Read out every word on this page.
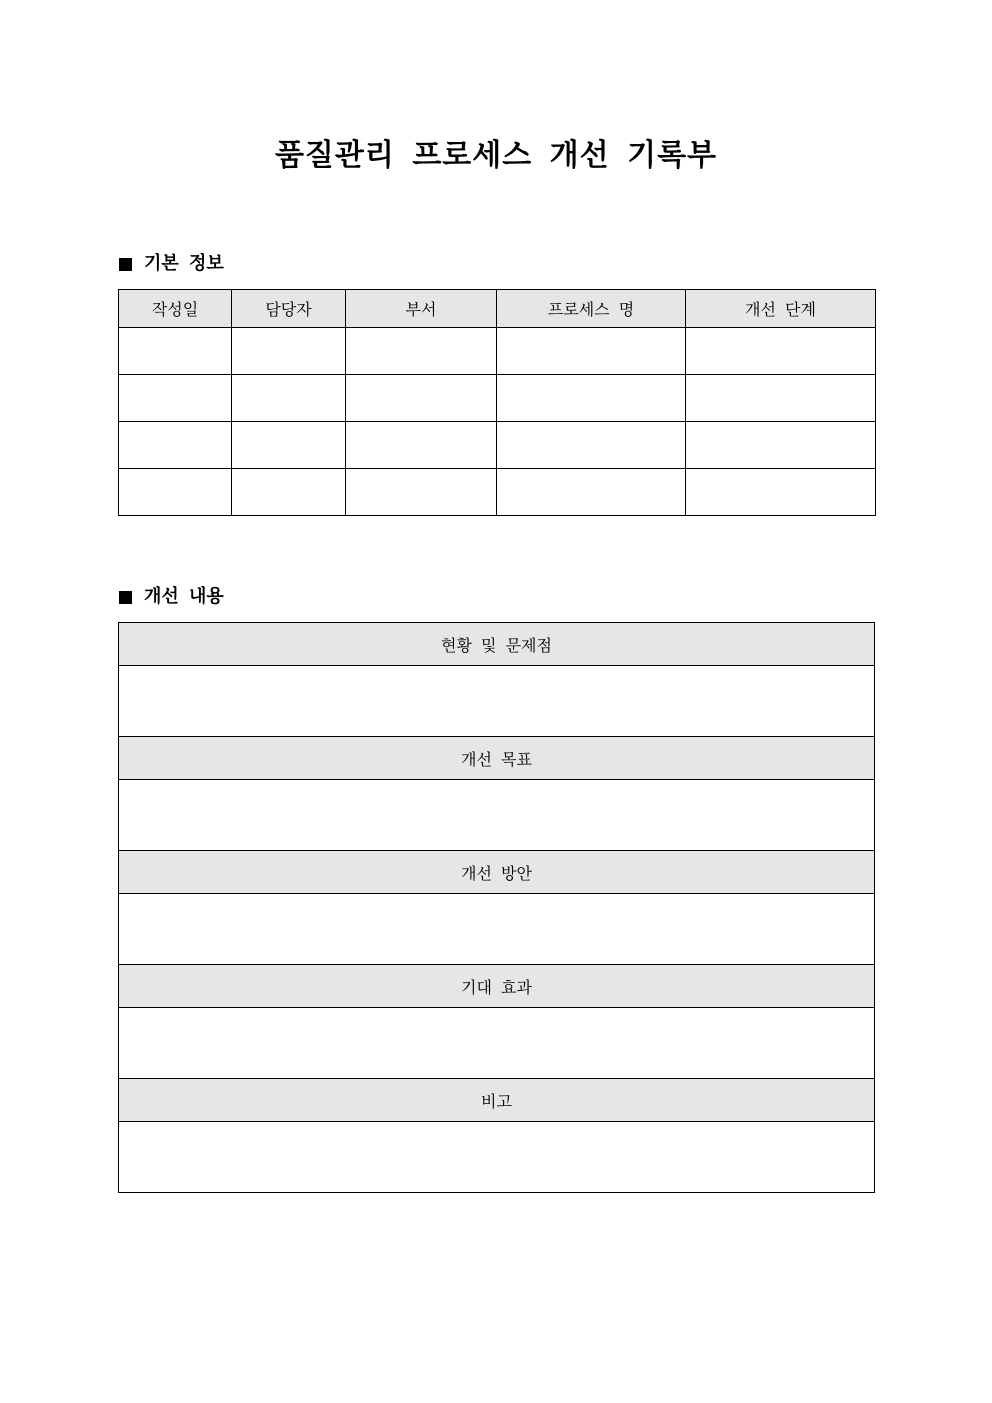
품질관리 프로세스 개선 기록부
기본 정보
작성일	담당자	부서	프로세스 명	개선 단계

개선 내용
현황 및 문제점

개선 목표

개선 방안

기대 효과

비고
